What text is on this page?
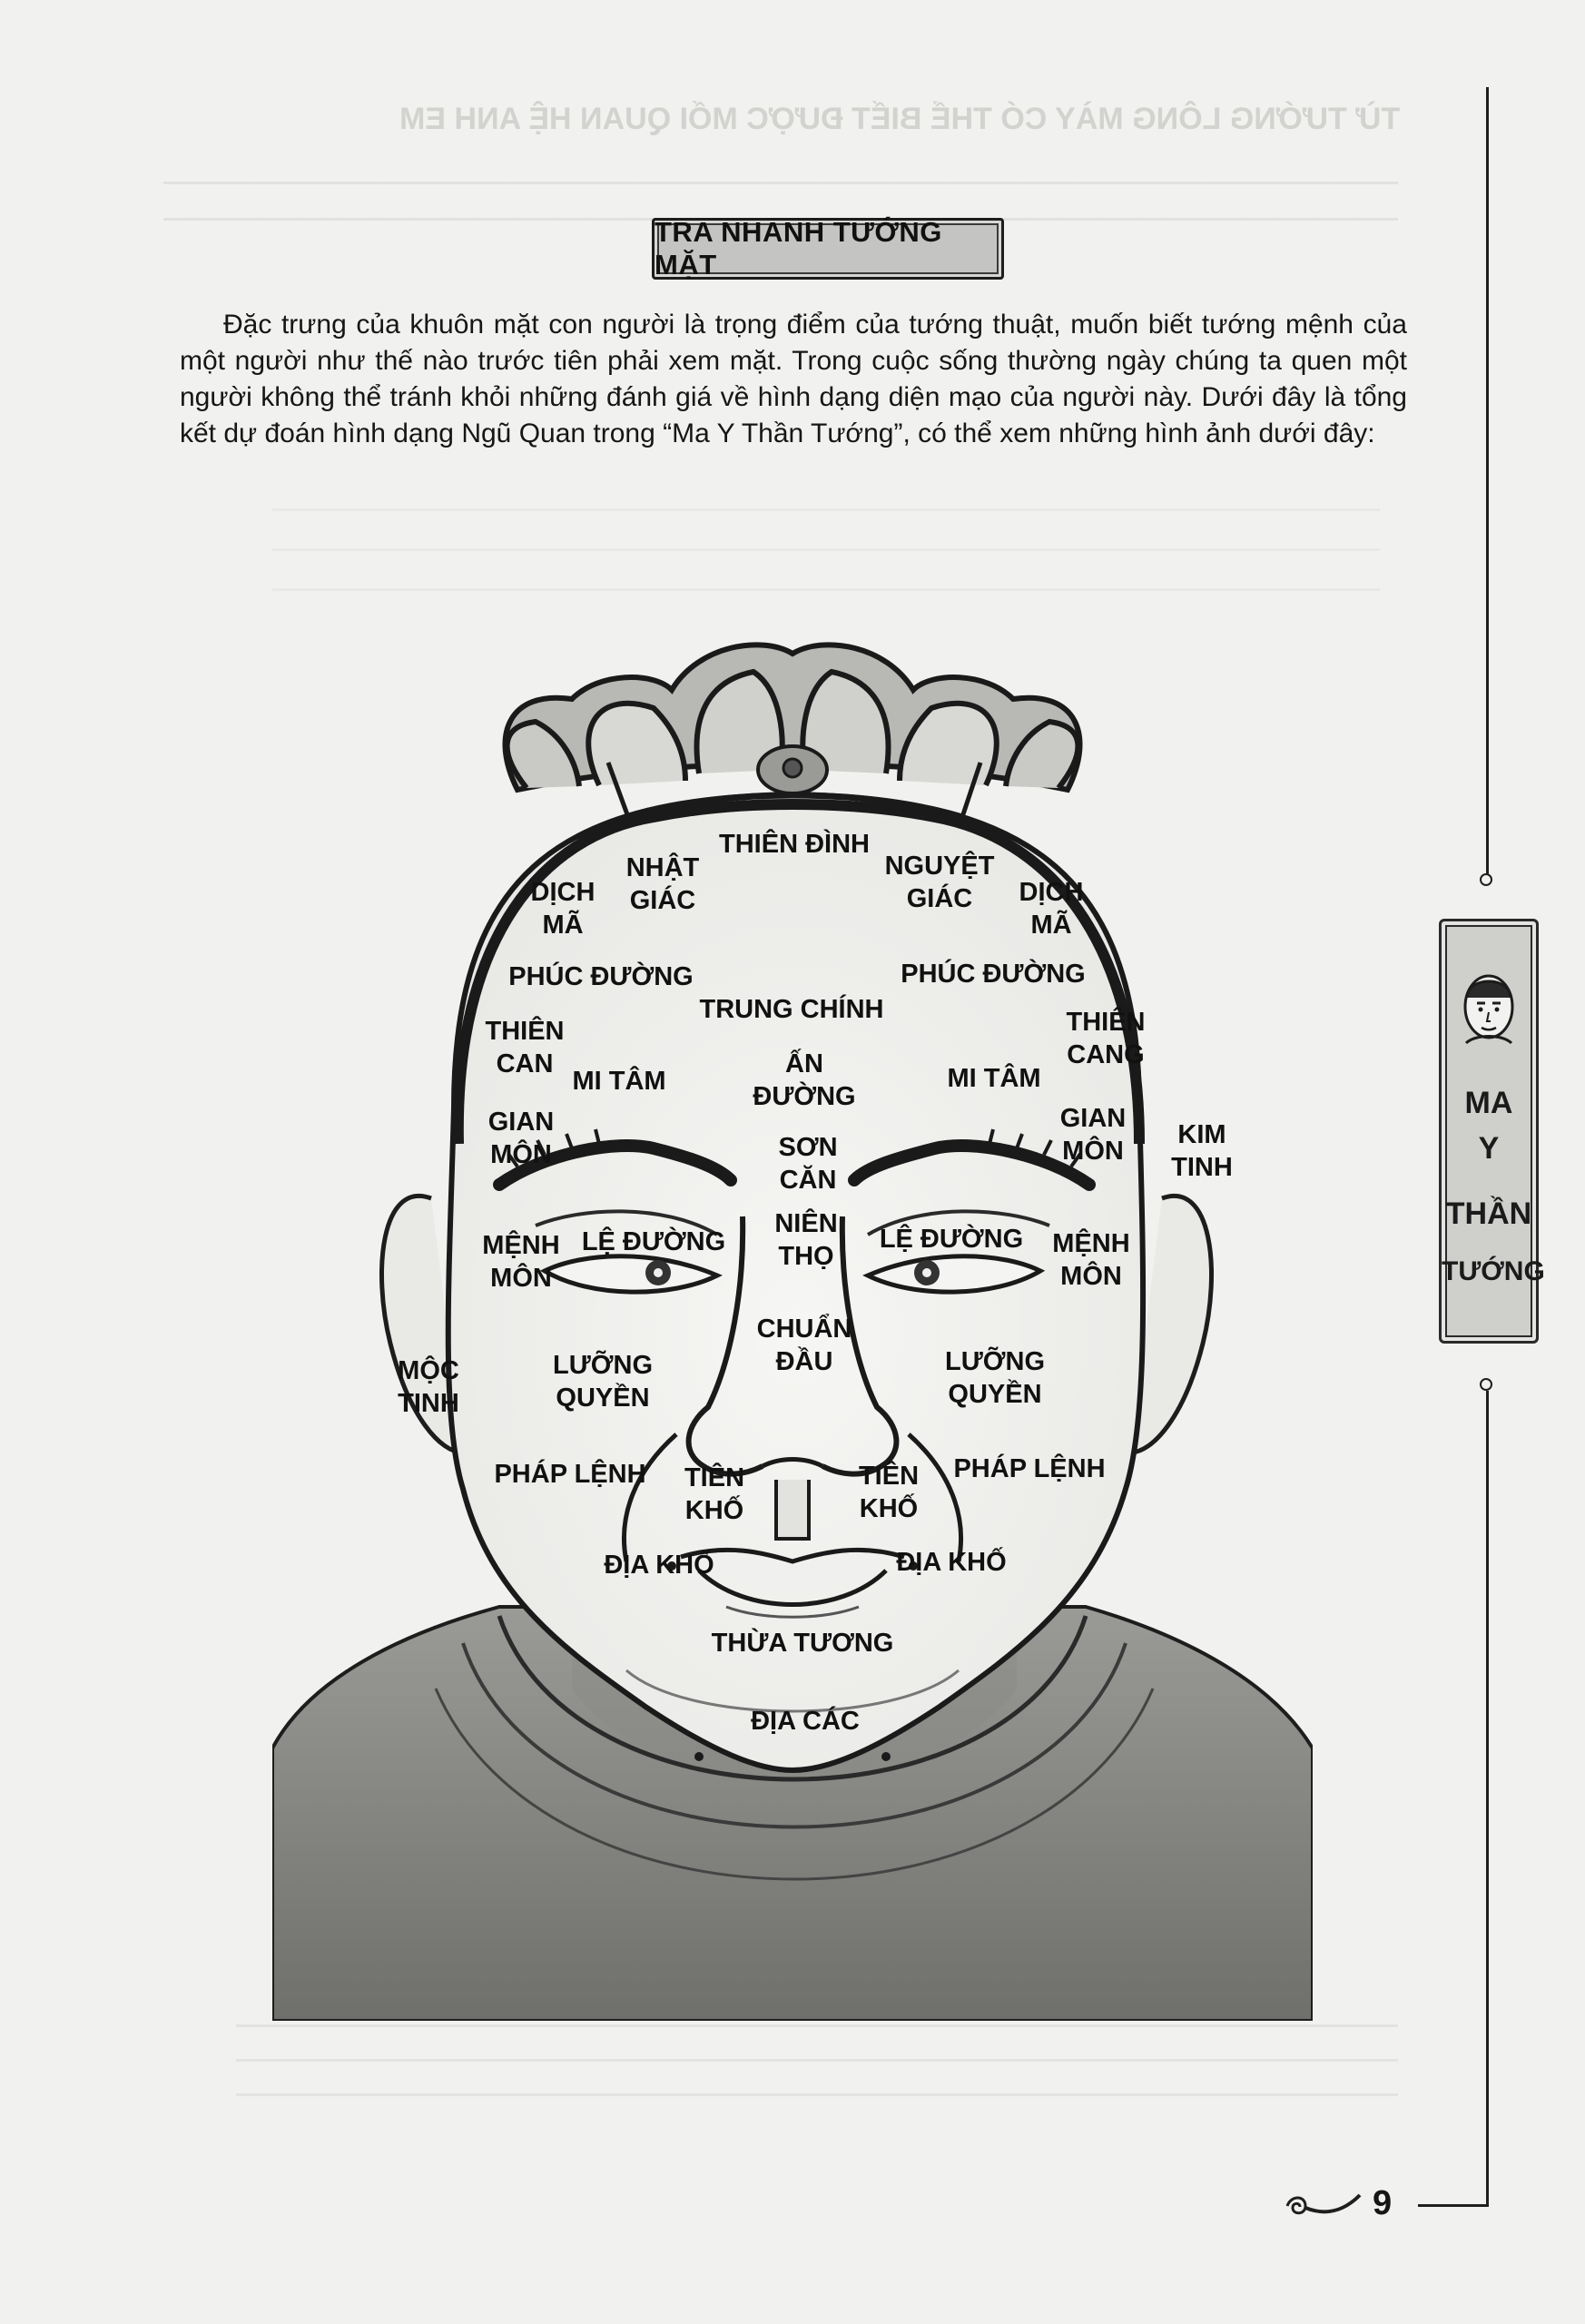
TỪ TƯỚNG LÔNG MÀY CÓ THỂ BIẾT ĐƯỢC MỐI QUAN HỆ ANH EM
TRA NHANH TƯỚNG MẶT
Đặc trưng của khuôn mặt con người là trọng điểm của tướng thuật, muốn biết tướng mệnh của một người như thế nào trước tiên phải xem mặt. Trong cuộc sống thường ngày chúng ta quen một người không thể tránh khỏi những đánh giá về hình dạng diện mạo của người này. Dưới đây là tổng kết dự đoán hình dạng Ngũ Quan trong “Ma Y Thần Tướng”, có thể xem những hình ảnh dưới đây:
THIÊN ĐÌNH
NHẬT
GIÁC
NGUYỆT
GIÁC
DỊCH
MÃ
DỊCH
MÃ
PHÚC ĐƯỜNG	PHÚC ĐƯỜNG
TRUNG CHÍNH
THIÊN
CAN
THIÊN
CANG
ẤN
ĐƯỜNG
MI TÂM	MI TÂM
GIAN
MÔN
GIAN
MÔN
KIM
TINH
SƠN
CĂN
NIÊN
THỌ
LỆ ĐƯỜNG	LỆ ĐƯỜNG
MỆNH
MÔN
MỆNH
MÔN
CHUẨN
ĐẦU
MỘC
TINH
LƯỠNG
QUYỀN
LƯỠNG
QUYỀN
PHÁP LỆNH	PHÁP LỆNH
TIÊN
KHỐ
TIÊN
KHỐ
ĐỊA KHỐ	ĐỊA KHỐ
THỪA TƯƠNG
ĐỊA CÁC
MA
Y
THẦN
TƯỚNG
9
